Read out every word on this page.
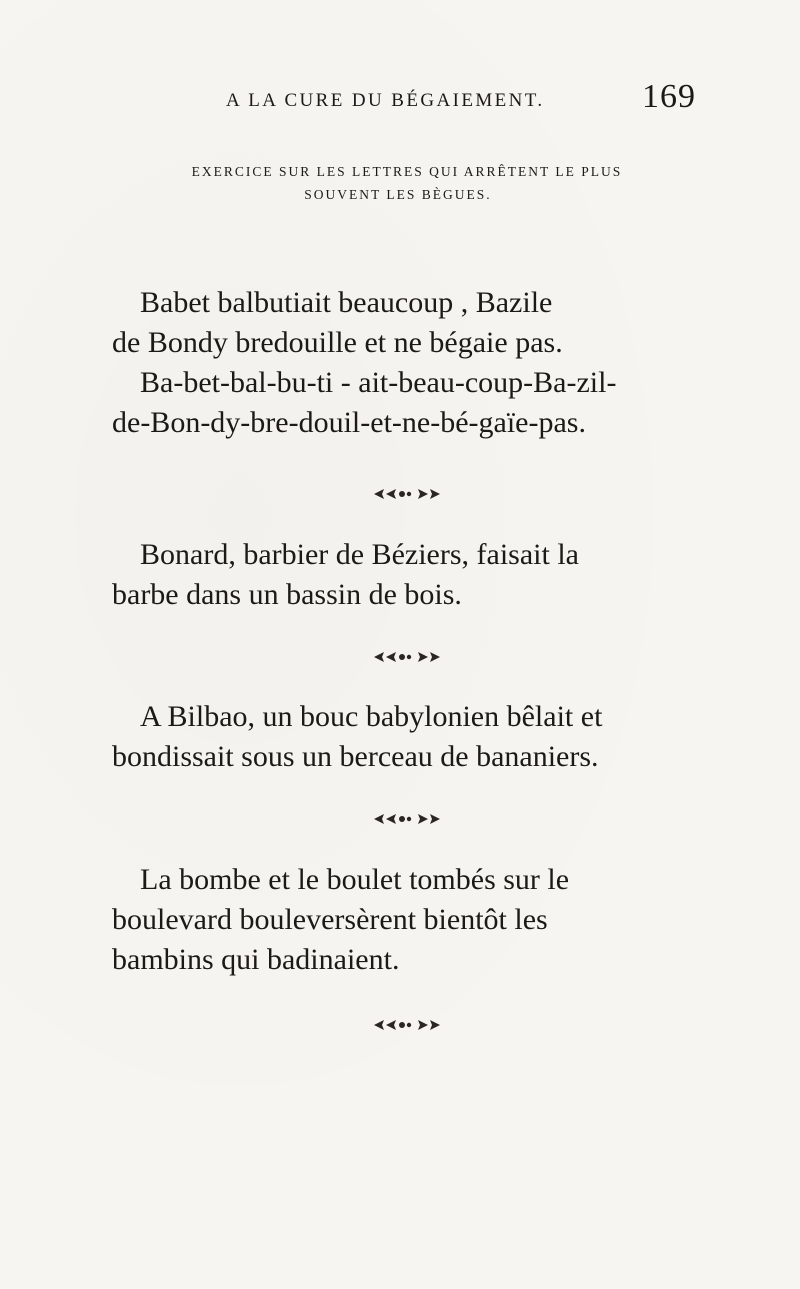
A LA CURE DU BÉGAIEMENT.	169
EXERCICE SUR LES LETTRES QUI ARRÊTENT LE PLUS
SOUVENT LES BÈGUES.

Babet balbutiait beaucoup , Bazile
de Bondy bredouille et ne bégaie pas.
Ba-bet-bal-bu-ti - ait-beau-coup-Ba-zil-
de-Bon-dy-bre-douil-et-ne-bé-gaïe-pas.

Bonard, barbier de Béziers, faisait la
barbe dans un bassin de bois.

A Bilbao, un bouc babylonien bêlait et
bondissait sous un berceau de bananiers.

La bombe et le boulet tombés sur le
boulevard bouleversèrent bientôt les
bambins qui badinaient.
